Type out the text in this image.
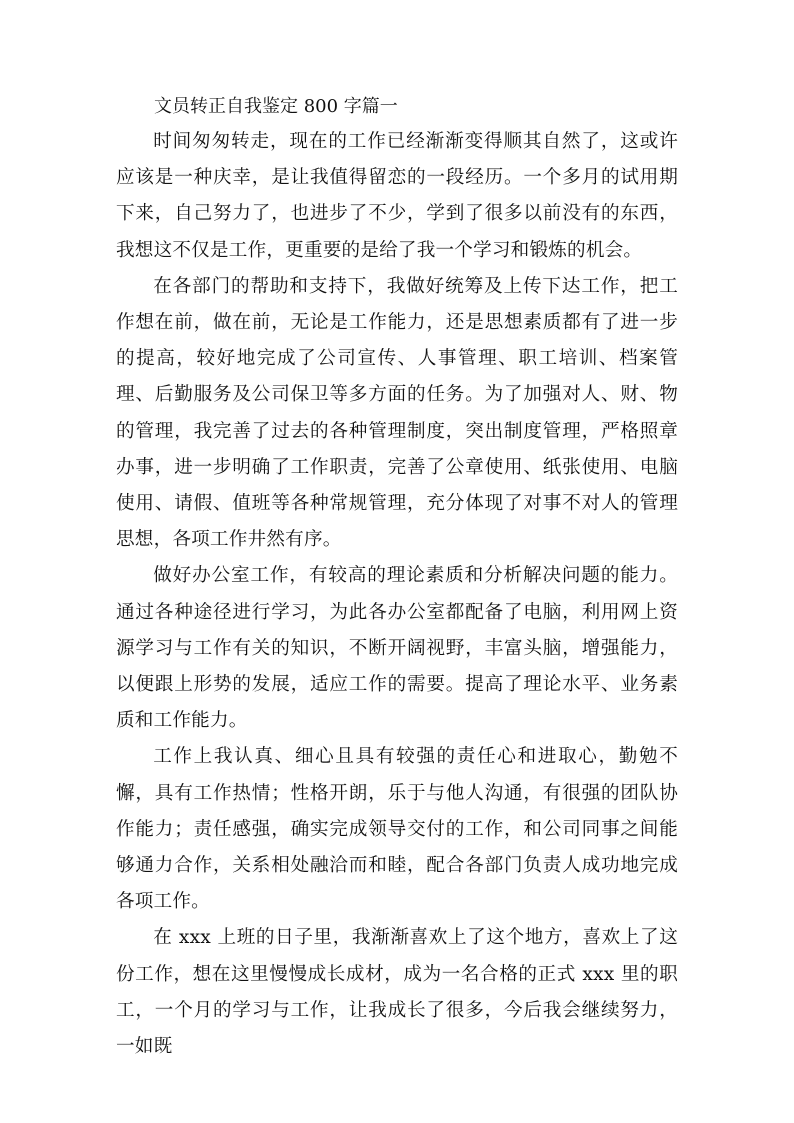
文员转正自我鉴定 800 字篇一

时间匆匆转走，现在的工作已经渐渐变得顺其自然了，这或许应该是一种庆幸，是让我值得留恋的一段经历。一个多月的试用期下来，自己努力了，也进步了不少，学到了很多以前没有的东西，我想这不仅是工作，更重要的是给了我一个学习和锻炼的机会。

在各部门的帮助和支持下，我做好统筹及上传下达工作，把工作想在前，做在前，无论是工作能力，还是思想素质都有了进一步的提高，较好地完成了公司宣传、人事管理、职工培训、档案管理、后勤服务及公司保卫等多方面的任务。为了加强对人、财、物的管理，我完善了过去的各种管理制度，突出制度管理，严格照章办事，进一步明确了工作职责，完善了公章使用、纸张使用、电脑使用、请假、值班等各种常规管理，充分体现了对事不对人的管理思想，各项工作井然有序。

做好办公室工作，有较高的理论素质和分析解决问题的能力。通过各种途径进行学习，为此各办公室都配备了电脑，利用网上资源学习与工作有关的知识，不断开阔视野，丰富头脑，增强能力，以便跟上形势的发展，适应工作的需要。提高了理论水平、业务素质和工作能力。

工作上我认真、细心且具有较强的责任心和进取心，勤勉不懈，具有工作热情；性格开朗，乐于与他人沟通，有很强的团队协作能力；责任感强，确实完成领导交付的工作，和公司同事之间能够通力合作，关系相处融洽而和睦，配合各部门负责人成功地完成各项工作。

在 xxx 上班的日子里，我渐渐喜欢上了这个地方，喜欢上了这份工作，想在这里慢慢成长成材，成为一名合格的正式 xxx 里的职工，一个月的学习与工作，让我成长了很多，今后我会继续努力，一如既
